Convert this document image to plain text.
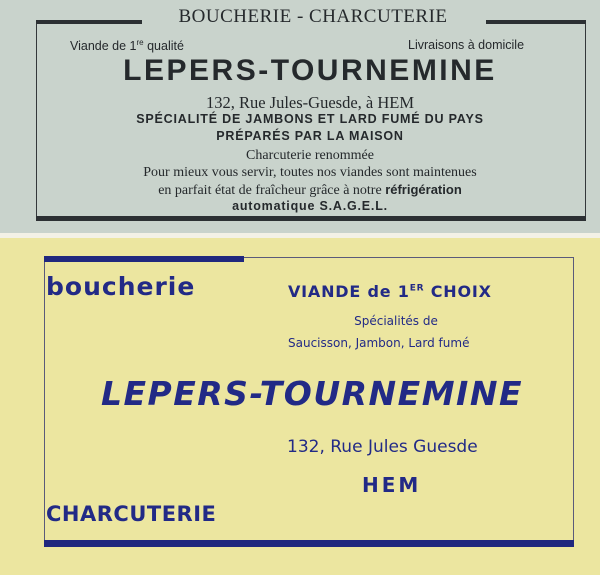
BOUCHERIE - CHARCUTERIE
Viande de 1re qualité	Livraisons à domicile
LEPERS-TOURNEMINE
132, Rue Jules-Guesde, à HEM
SPÉCIALITÉ DE JAMBONS ET LARD FUMÉ DU PAYS
PRÉPARÉS PAR LA MAISON
Charcuterie renommée
Pour mieux vous servir, toutes nos viandes sont maintenues
en parfait état de fraîcheur grâce à notre réfrigération
automatique S.A.G.E.L.
boucherie
CHARCUTERIE
VIANDE de 1ER CHOIX
Spécialités de
Saucisson, Jambon, Lard fumé
LEPERS-TOURNEMINE
132, Rue Jules Guesde
HEM
